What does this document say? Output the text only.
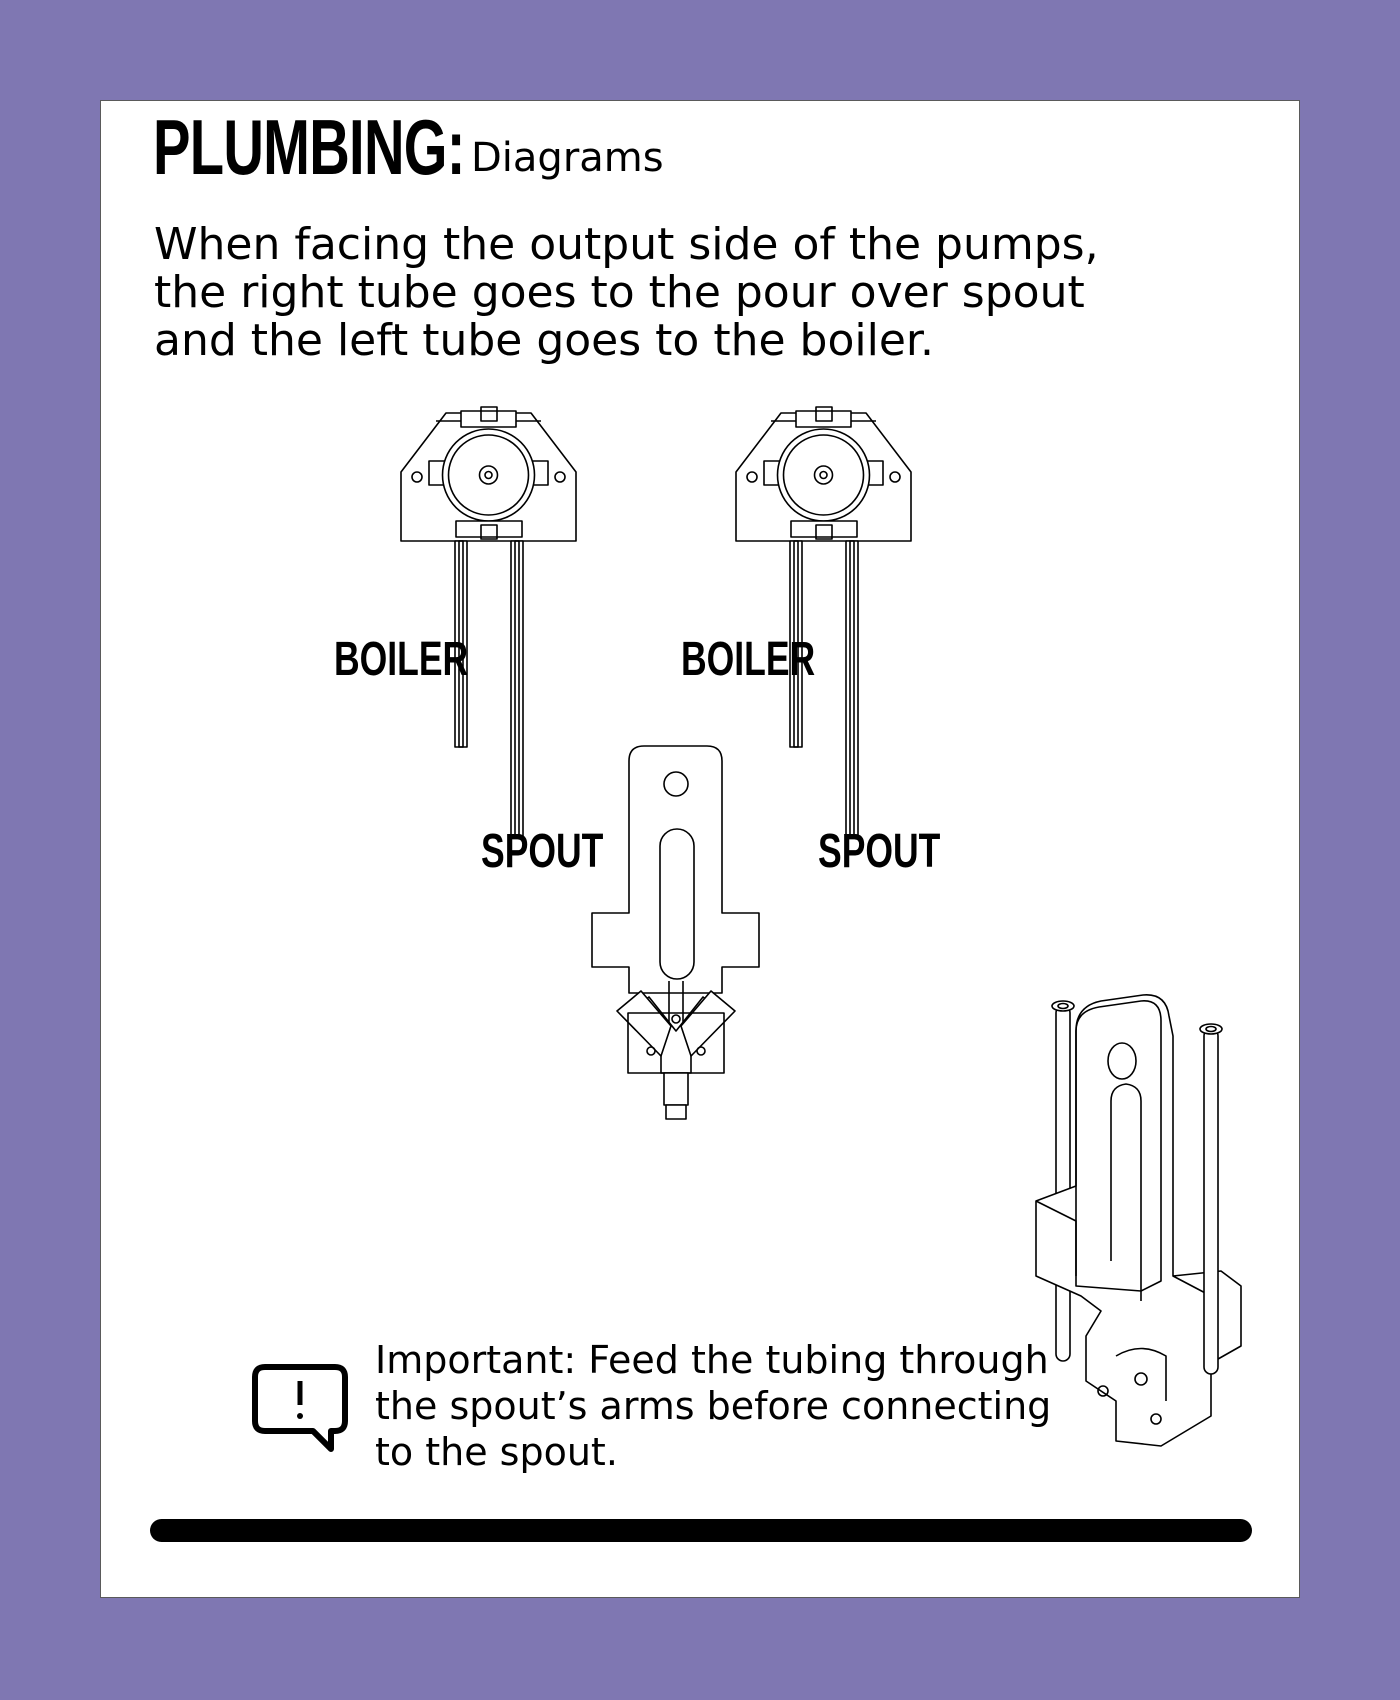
PLUMBING: Diagrams

When facing the output side of the pumps, the right tube goes to the pour over spout and the left tube goes to the boiler.

BOILER
SPOUT
BOILER
SPOUT

Important: Feed the tubing through the spout’s arms before connecting to the spout.
